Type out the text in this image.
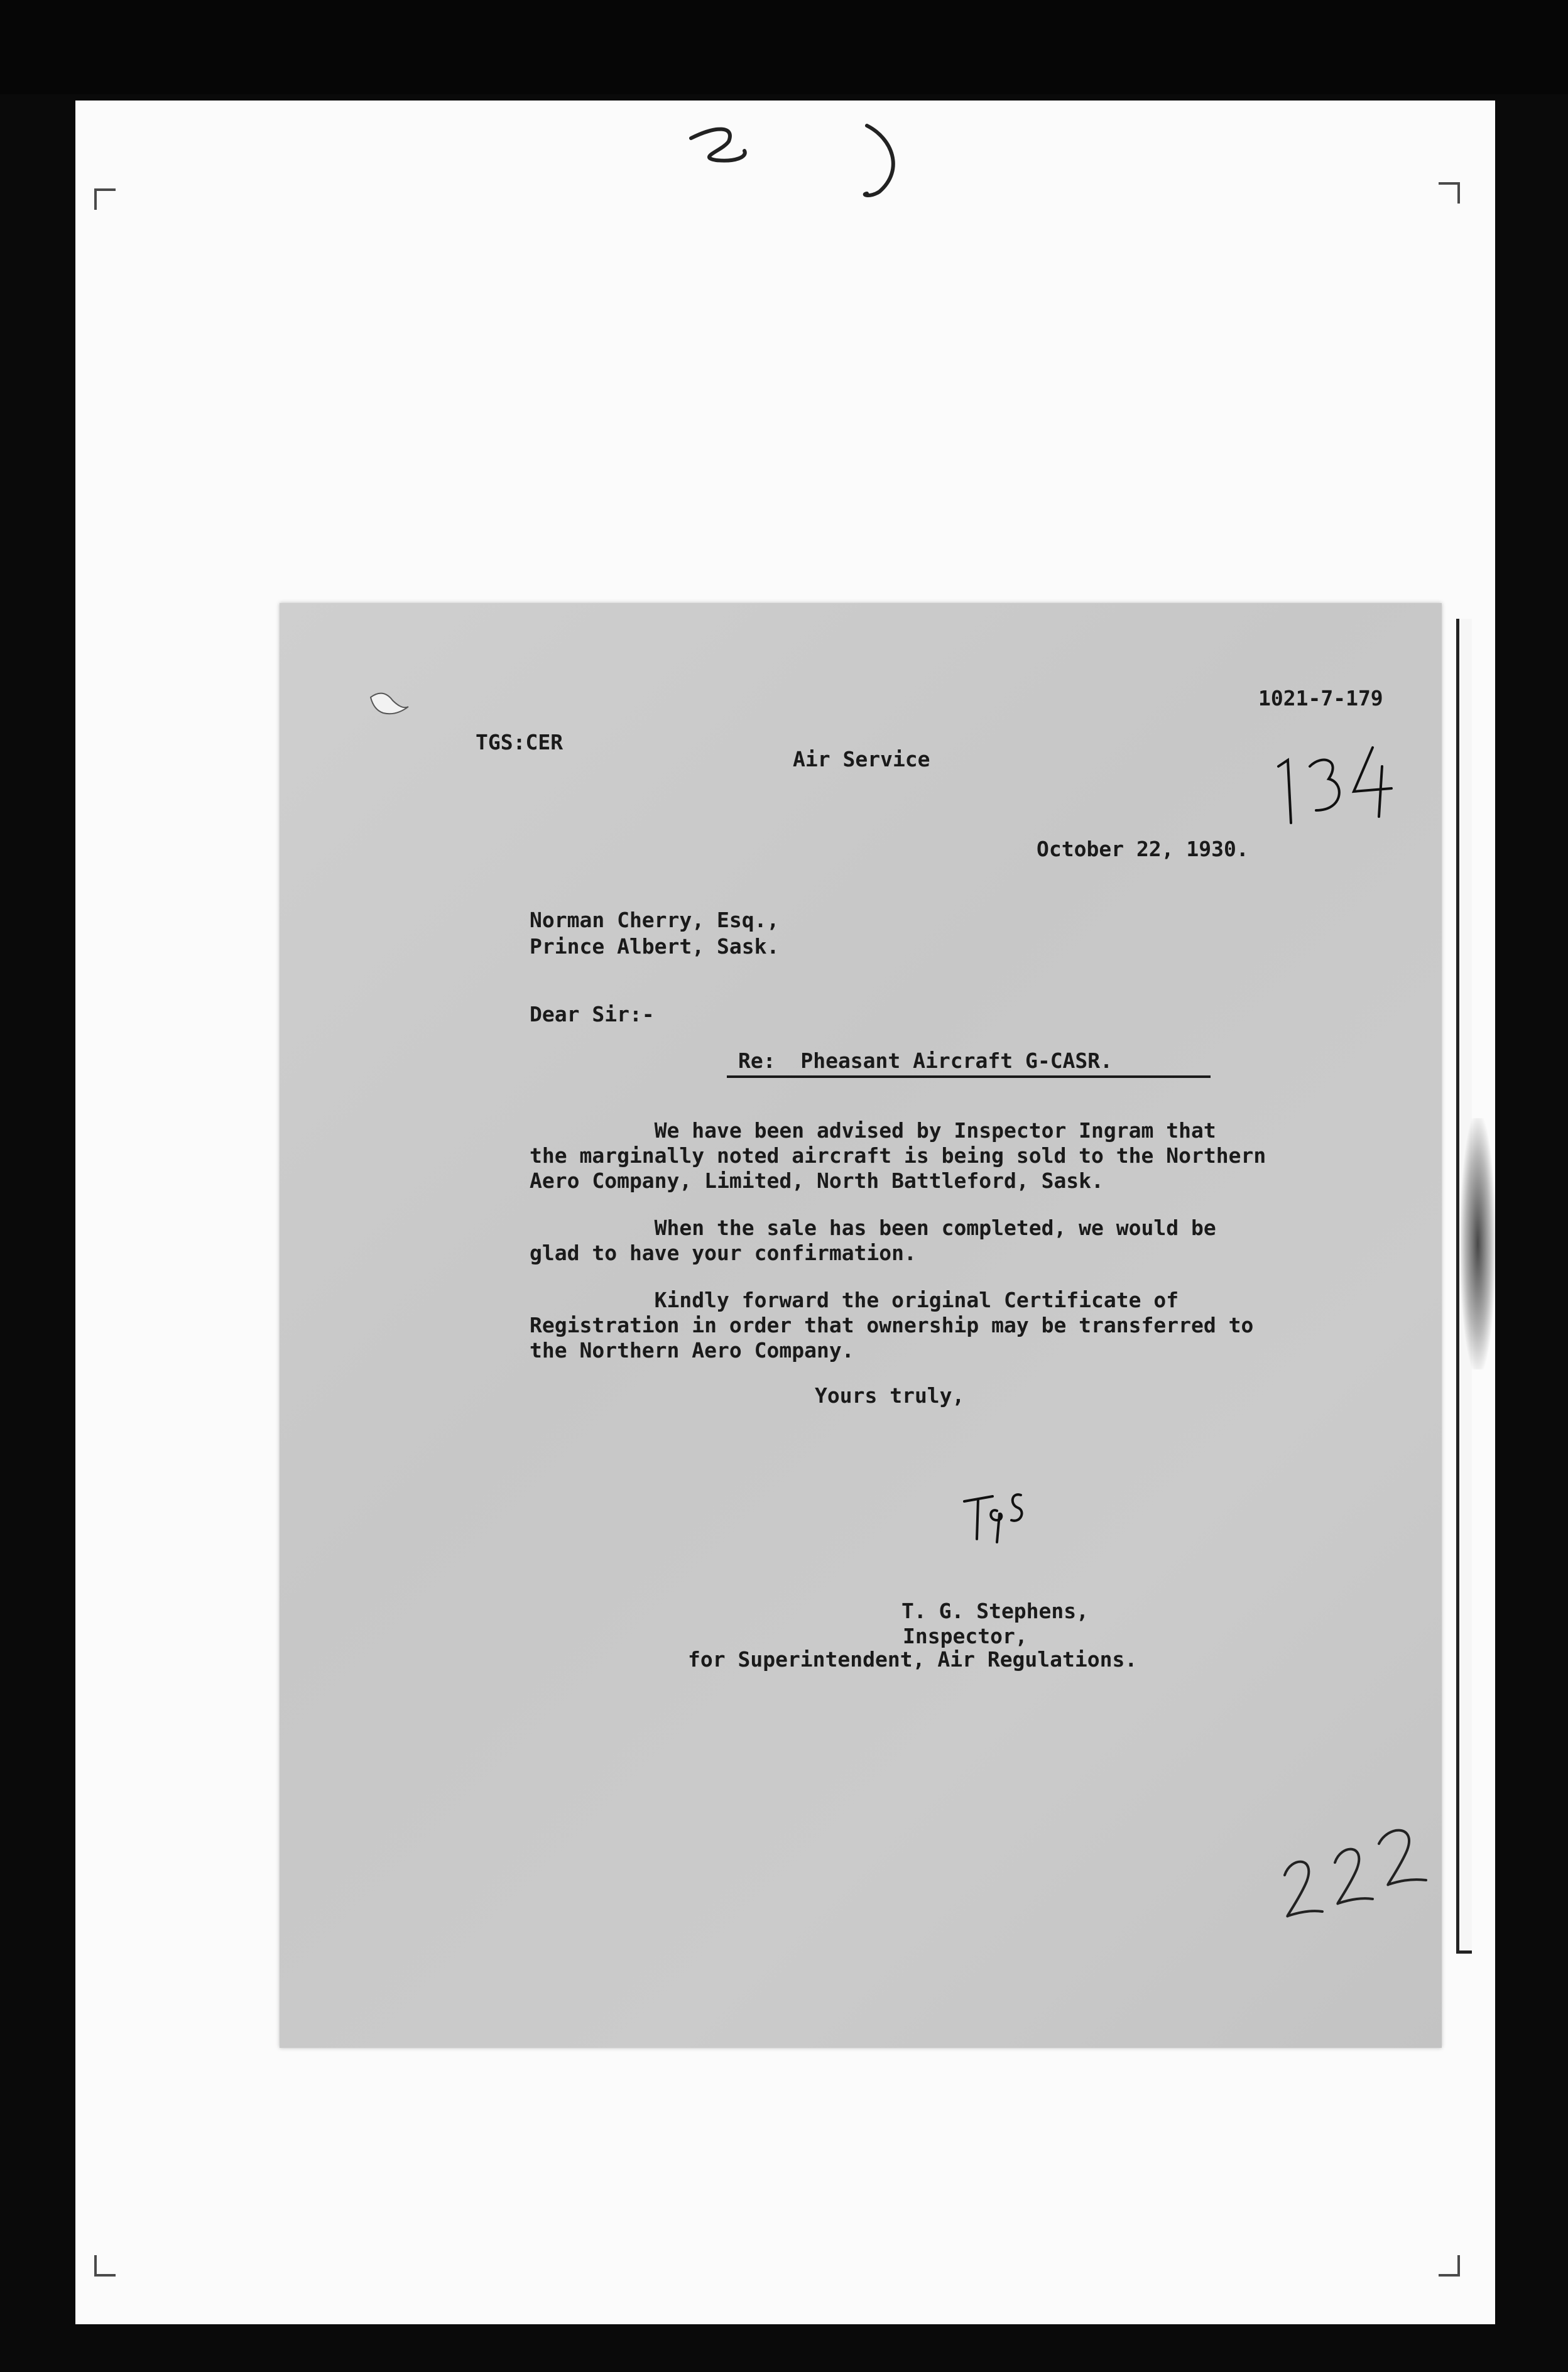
1021-7-179
TGS:CER
Air Service
October 22, 1930.
Norman Cherry, Esq.,
Prince Albert, Sask.
Dear Sir:-
Re:  Pheasant Aircraft G-CASR.
We have been advised by Inspector Ingram that
the marginally noted aircraft is being sold to the Northern
Aero Company, Limited, North Battleford, Sask.
When the sale has been completed, we would be
glad to have your confirmation.
Kindly forward the original Certificate of
Registration in order that ownership may be transferred to
the Northern Aero Company.
Yours truly,
T. G. Stephens,
Inspector,
for Superintendent, Air Regulations.
